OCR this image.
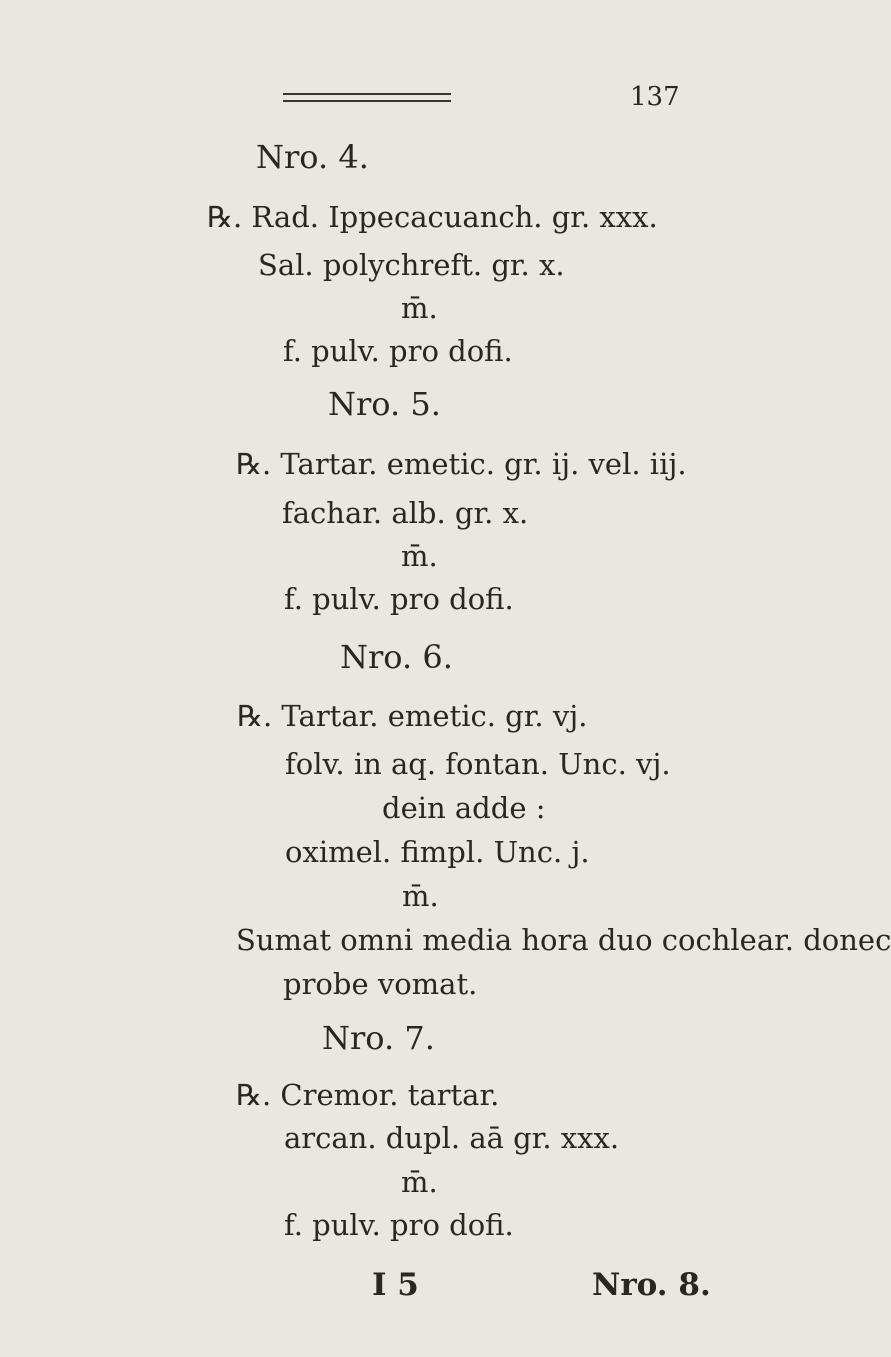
137
Nro. 4.
℞. Rad. Ippecacuanch. gr. xxx.
Sal. polychreft. gr. x.
m̄.
f. pulv. pro dofi.
Nro. 5.
℞. Tartar. emetic. gr. ij. vel. iij.
fachar. alb. gr. x.
m̄.
f. pulv. pro dofi.
Nro. 6.
℞. Tartar. emetic. gr. vj.
folv. in aq. fontan. Unc. vj.
dein adde :
oximel. fimpl. Unc. j.
m̄.
Sumat omni media hora duo cochlear. donec
probe vomat.
Nro. 7.
℞. Cremor. tartar.
arcan. dupl. aā gr. xxx.
m̄.
f. pulv. pro dofi.
I 5	Nro. 8.
